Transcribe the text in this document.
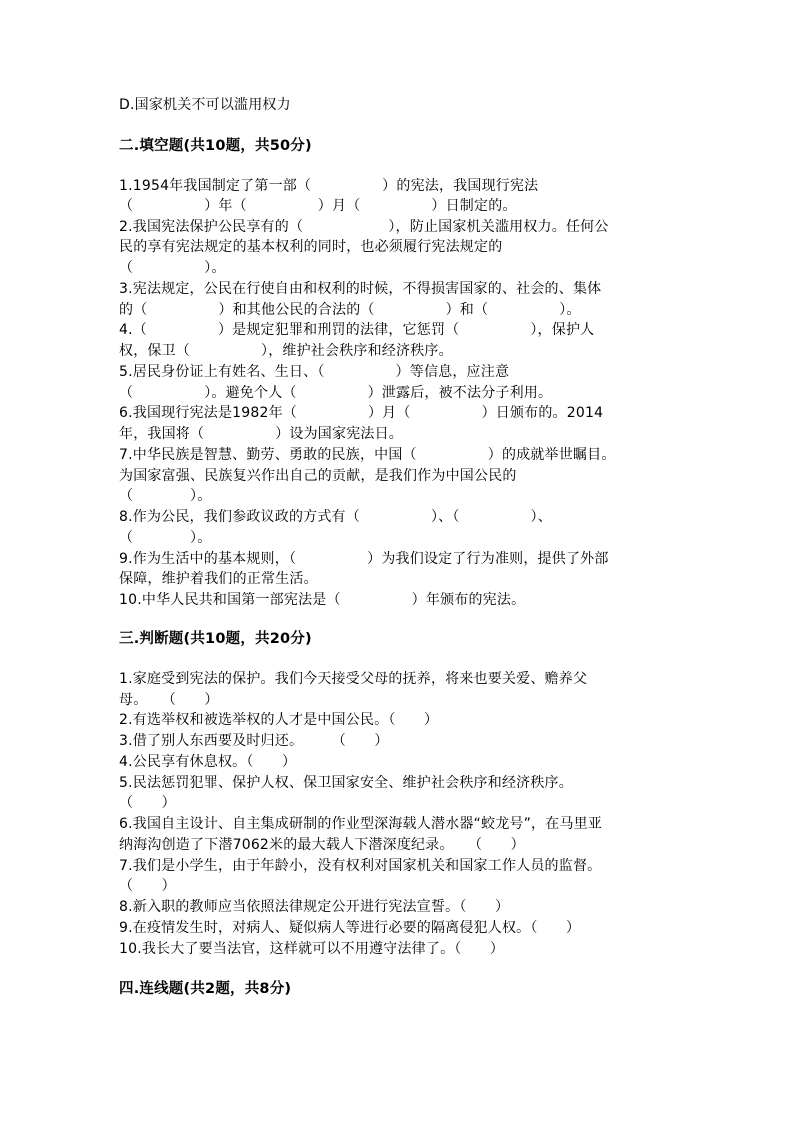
D.国家机关不可以滥用权力
二.填空题(共10题，共50分)
1.1954年我国制定了第一部（　　　　　）的宪法，我国现行宪法
（　　　　　）年（　　　　　）月（　　　　　）日制定的。
2.我国宪法保护公民享有的（　　　　　　），防止国家机关滥用权力。任何公
民的享有宪法规定的基本权利的同时，也必须履行宪法规定的
（　　　　　）。
3.宪法规定，公民在行使自由和权利的时候，不得损害国家的、社会的、集体
的（　　　　　）和其他公民的合法的（　　　　　）和（　　　　　）。
4.（　　　　　）是规定犯罪和刑罚的法律，它惩罚（　　　　　），保护人
权，保卫（　　　　　），维护社会秩序和经济秩序。
5.居民身份证上有姓名、生日、（　　　　　）等信息，应注意
（　　　　　）。避免个人（　　　　　）泄露后，被不法分子利用。
6.我国现行宪法是1982年（　　　　　）月（　　　　　）日颁布的。2014
年，我国将（　　　　　）设为国家宪法日。
7.中华民族是智慧、勤劳、勇敢的民族，中国（　　　　　）的成就举世瞩目。
为国家富强、民族复兴作出自己的贡献，是我们作为中国公民的
（　　　　）。
8.作为公民，我们参政议政的方式有（　　　　　）、（　　　　　）、
（　　　　）。
9.作为生活中的基本规则，（　　　　　）为我们设定了行为准则，提供了外部
保障，维护着我们的正常生活。
10.中华人民共和国第一部宪法是（　　　　　）年颁布的宪法。
三.判断题(共10题，共20分)
1.家庭受到宪法的保护。我们今天接受父母的抚养，将来也要关爱、赡养父
母。　　（　　）
2.有选举权和被选举权的人才是中国公民。（　　）
3.借了别人东西要及时归还。　　　（　　）
4.公民享有休息权。（　　）
5.民法惩罚犯罪、保护人权、保卫国家安全、维护社会秩序和经济秩序。
（　　）
6.我国自主设计、自主集成研制的作业型深海载人潜水器“蛟龙号”，在马里亚
纳海沟创造了下潜7062米的最大载人下潜深度纪录。　　（　　）
7.我们是小学生，由于年龄小，没有权利对国家机关和国家工作人员的监督。
（　　）
8.新入职的教师应当依照法律规定公开进行宪法宣誓。（　　）
9.在疫情发生时，对病人、疑似病人等进行必要的隔离侵犯人权。（　　）
10.我长大了要当法官，这样就可以不用遵守法律了。（　　）
四.连线题(共2题，共8分)
